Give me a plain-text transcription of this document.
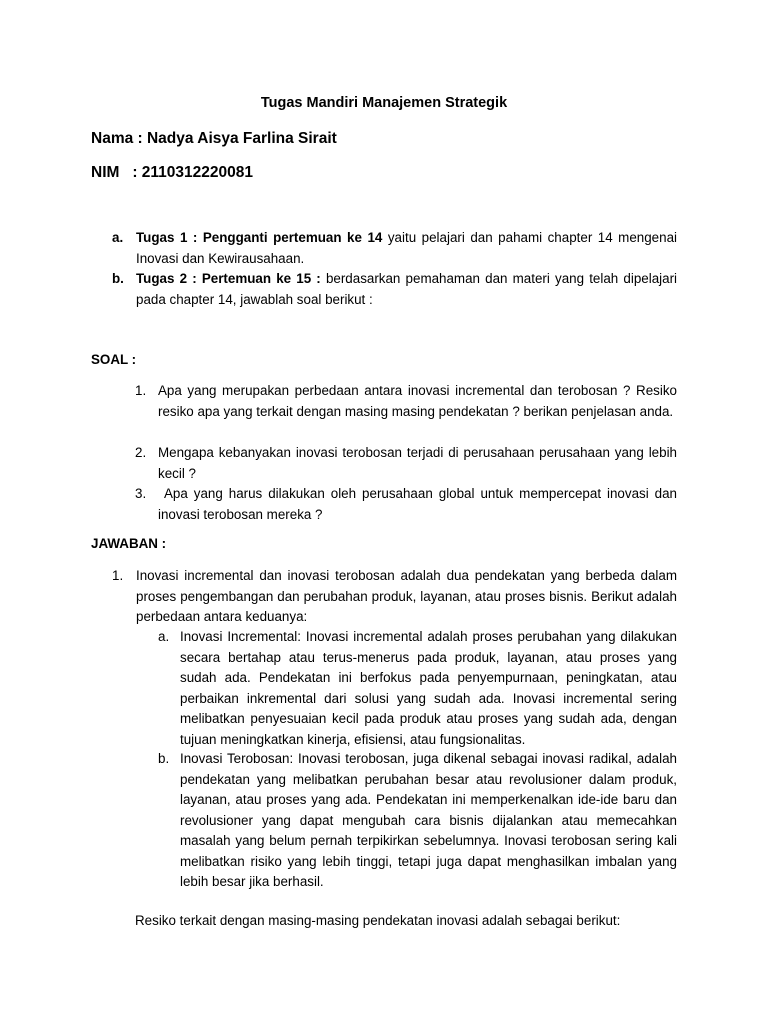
Tugas Mandiri Manajemen Strategik
Nama : Nadya Aisya Farlina Sirait
NIM   : 2110312220081
a. Tugas 1 : Pengganti pertemuan ke 14 yaitu pelajari dan pahami chapter 14 mengenai Inovasi dan Kewirausahaan.
b. Tugas 2 : Pertemuan ke 15 : berdasarkan pemahaman dan materi yang telah dipelajari pada chapter 14, jawablah soal berikut :
SOAL :
1. Apa yang merupakan perbedaan antara inovasi incremental dan terobosan ? Resiko resiko apa yang terkait dengan masing masing pendekatan ? berikan penjelasan anda.
2. Mengapa kebanyakan inovasi terobosan terjadi di perusahaan perusahaan yang lebih kecil ?
3. Apa yang harus dilakukan oleh perusahaan global untuk mempercepat inovasi dan inovasi terobosan mereka ?
JAWABAN :
1. Inovasi incremental dan inovasi terobosan adalah dua pendekatan yang berbeda dalam proses pengembangan dan perubahan produk, layanan, atau proses bisnis. Berikut adalah perbedaan antara keduanya:
a. Inovasi Incremental: Inovasi incremental adalah proses perubahan yang dilakukan secara bertahap atau terus-menerus pada produk, layanan, atau proses yang sudah ada. Pendekatan ini berfokus pada penyempurnaan, peningkatan, atau perbaikan inkremental dari solusi yang sudah ada. Inovasi incremental sering melibatkan penyesuaian kecil pada produk atau proses yang sudah ada, dengan tujuan meningkatkan kinerja, efisiensi, atau fungsionalitas.
b. Inovasi Terobosan: Inovasi terobosan, juga dikenal sebagai inovasi radikal, adalah pendekatan yang melibatkan perubahan besar atau revolusioner dalam produk, layanan, atau proses yang ada. Pendekatan ini memperkenalkan ide-ide baru dan revolusioner yang dapat mengubah cara bisnis dijalankan atau memecahkan masalah yang belum pernah terpikirkan sebelumnya. Inovasi terobosan sering kali melibatkan risiko yang lebih tinggi, tetapi juga dapat menghasilkan imbalan yang lebih besar jika berhasil.
Resiko terkait dengan masing-masing pendekatan inovasi adalah sebagai berikut:
